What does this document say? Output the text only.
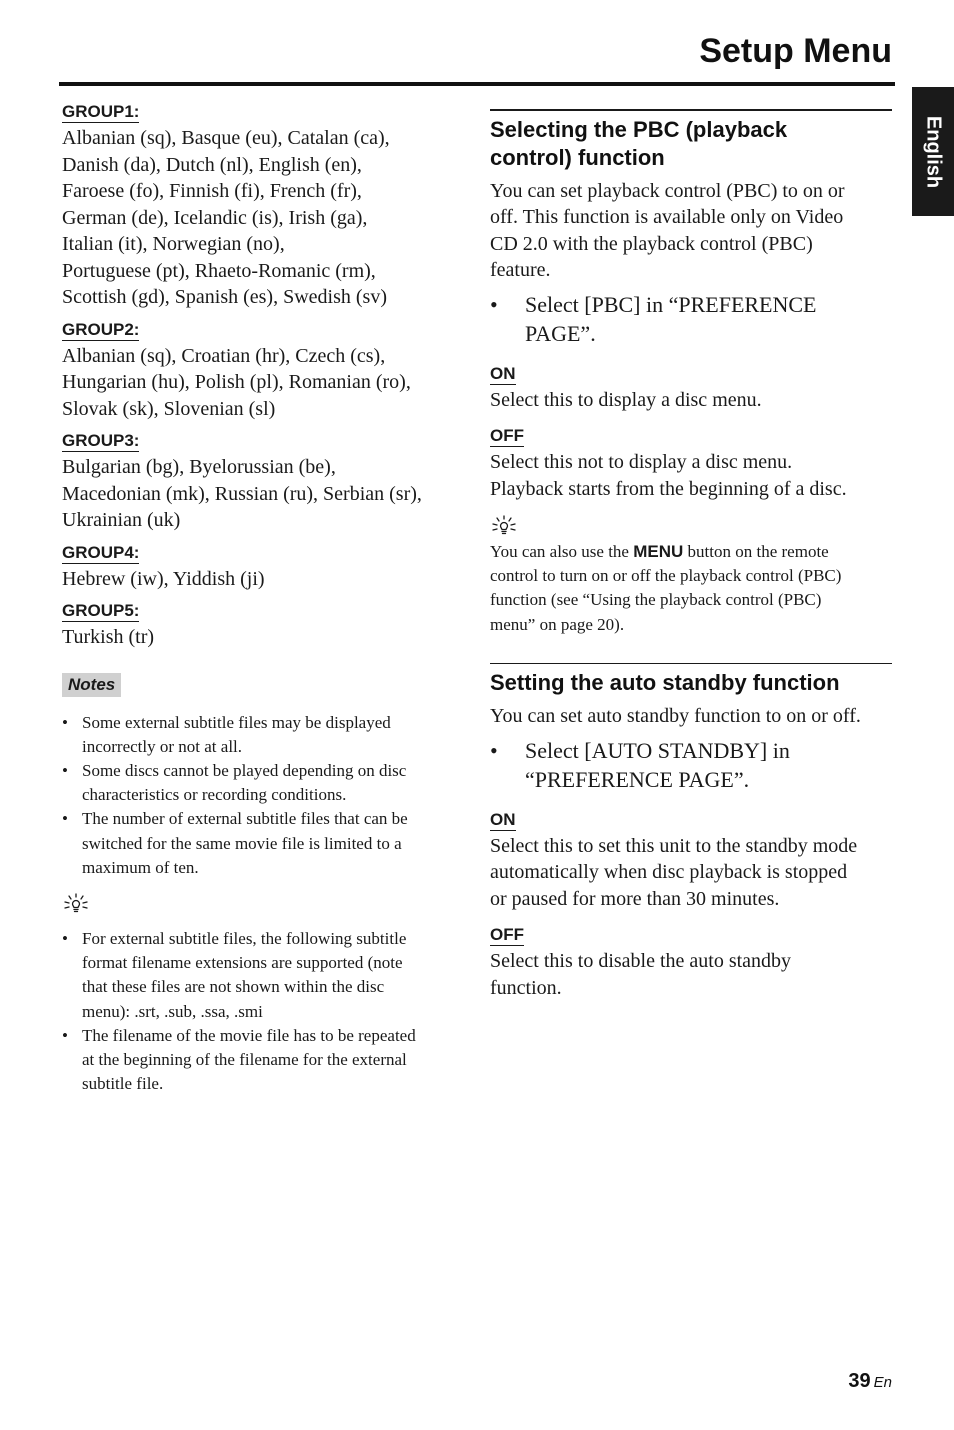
Setup Menu
English
GROUP1:

Albanian (sq), Basque (eu), Catalan (ca),
Danish (da), Dutch (nl), English (en),
Faroese (fo), Finnish (fi), French (fr),
German (de), Icelandic (is), Irish (ga),
Italian (it), Norwegian (no),
Portuguese (pt), Rhaeto-Romanic (rm),
Scottish (gd), Spanish (es), Swedish (sv)

GROUP2:

Albanian (sq), Croatian (hr), Czech (cs),
Hungarian (hu), Polish (pl), Romanian (ro),
Slovak (sk), Slovenian (sl)

GROUP3:

Bulgarian (bg), Byelorussian (be),
Macedonian (mk), Russian (ru), Serbian (sr),
Ukrainian (uk)

GROUP4:

Hebrew (iw), Yiddish (ji)

GROUP5:

Turkish (tr)

Notes
• Some external subtitle files may be displayed
incorrectly or not at all.
• Some discs cannot be played depending on disc
characteristics or recording conditions.
• The number of external subtitle files that can be
switched for the same movie file is limited to a
maximum of ten.
• For external subtitle files, the following subtitle
format filename extensions are supported (note
that these files are not shown within the disc
menu): .srt, .sub, .ssa, .smi
• The filename of the movie file has to be repeated
at the beginning of the filename for the external
subtitle file.
Selecting the PBC (playback
control) function

You can set playback control (PBC) to on or
off. This function is available only on Video
CD 2.0 with the playback control (PBC)
feature.

• Select [PBC] in “PREFERENCE
PAGE”.

ON

Select this to display a disc menu.

OFF

Select this not to display a disc menu.
Playback starts from the beginning of a disc.

You can also use the MENU button on the remote
control to turn on or off the playback control (PBC)
function (see “Using the playback control (PBC)
menu” on page 20).

Setting the auto standby function

You can set auto standby function to on or off.

• Select [AUTO STANDBY] in
“PREFERENCE PAGE”.

ON

Select this to set this unit to the standby mode
automatically when disc playback is stopped
or paused for more than 30 minutes.

OFF

Select this to disable the auto standby
function.

39 En
